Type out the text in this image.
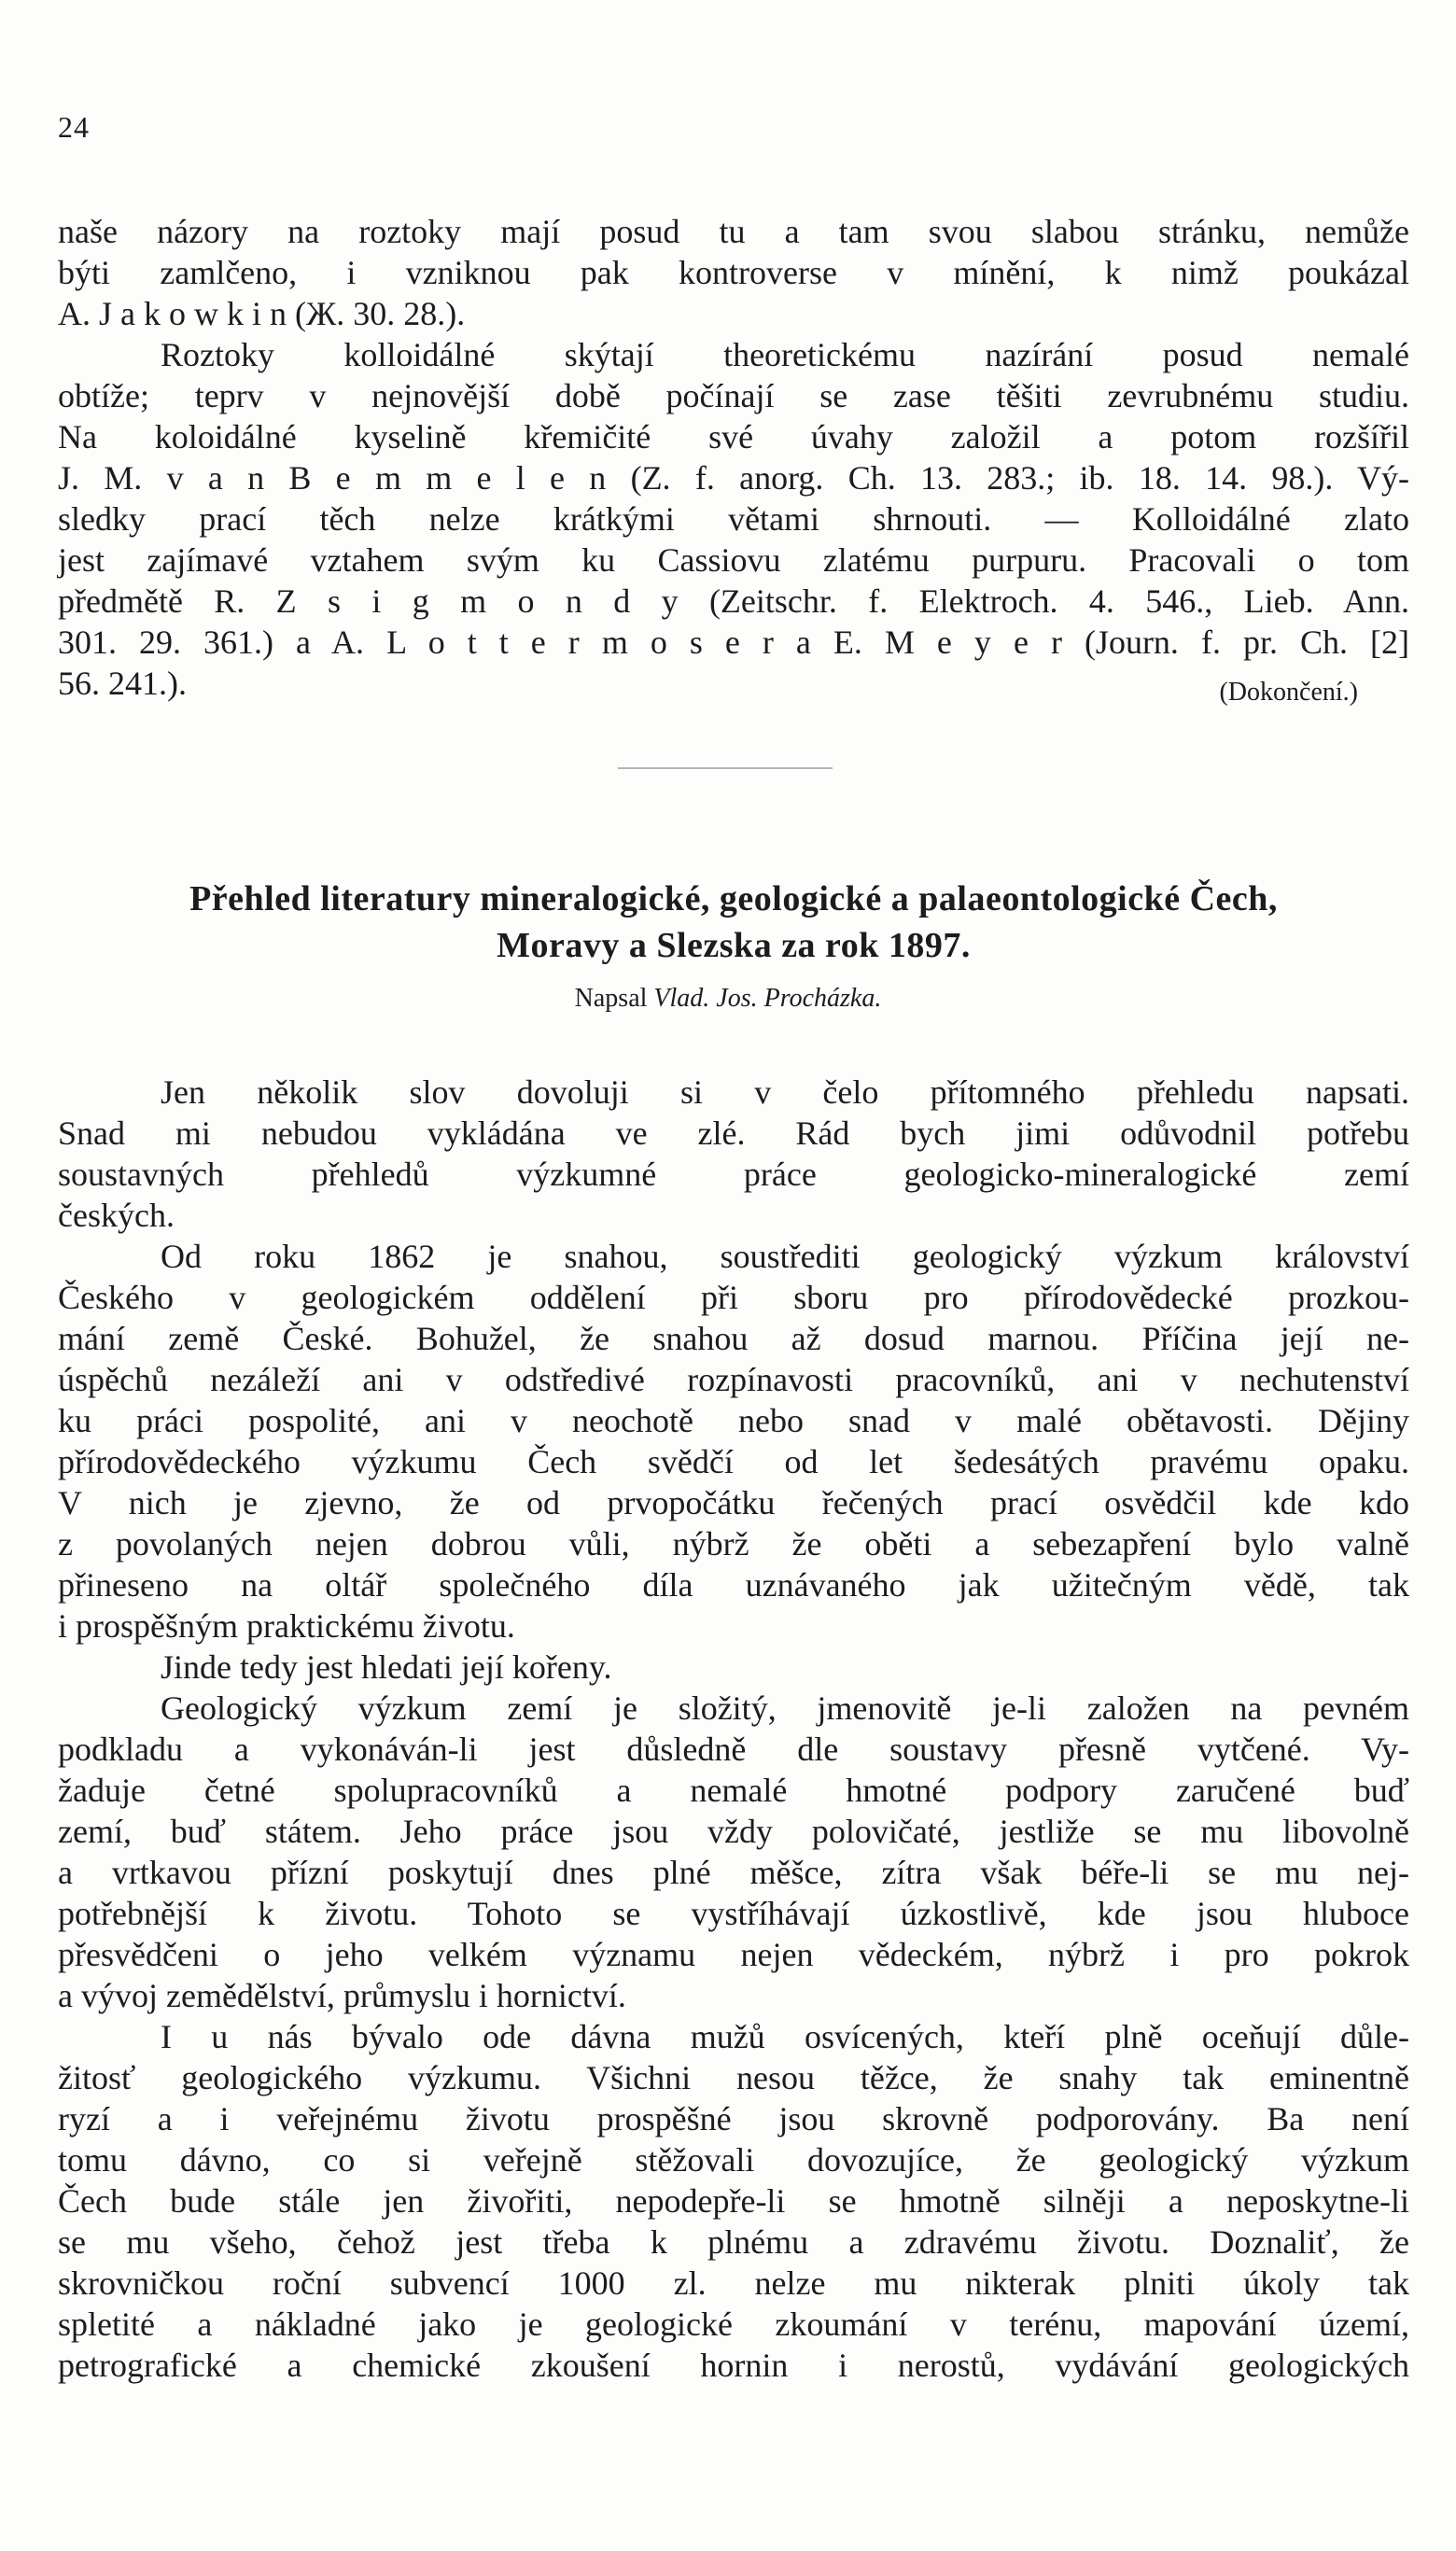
24
naše názory na roztoky mají posud tu a tam svou slabou stránku, nemůže
býti zamlčeno, i vzniknou pak kontroverse v mínění, k nimž poukázal
A. J a k o w k i n (Ж. 30. 28.).
Roztoky kolloidálné skýtají theoretickému nazírání posud nemalé
obtíže; teprv v nejnovější době počínají se zase těšiti zevrubnému studiu.
Na koloidálné kyselině křemičité své úvahy založil a potom rozšířil
J. M. v a n B e m m e l e n (Z. f. anorg. Ch. 13. 283.; ib. 18. 14. 98.). Vý-
sledky prací těch nelze krátkými větami shrnouti. — Kolloidálné zlato
jest zajímavé vztahem svým ku Cassiovu zlatému purpuru. Pracovali o tom
předmětě R. Z s i g m o n d y (Zeitschr. f. Elektroch. 4. 546., Lieb. Ann.
301. 29. 361.) a A. L o t t e r m o s e r a E. M e y e r (Journ. f. pr. Ch. [2]
56. 241.).	(Dokončení.)
Přehled literatury mineralogické, geologické a palaeontologické Čech,
Moravy a Slezska za rok 1897.
Napsal Vlad. Jos. Procházka.
Jen několik slov dovoluji si v čelo přítomného přehledu napsati.
Snad mi nebudou vykládána ve zlé. Rád bych jimi odůvodnil potřebu
soustavných přehledů výzkumné práce geologicko-mineralogické zemí
českých.
Od roku 1862 je snahou, soustřediti geologický výzkum království
Českého v geologickém oddělení při sboru pro přírodovědecké prozkou-
mání země České. Bohužel, že snahou až dosud marnou. Příčina její ne-
úspěchů nezáleží ani v odstředivé rozpínavosti pracovníků, ani v nechutenství
ku práci pospolité, ani v neochotě nebo snad v malé obětavosti. Dějiny
přírodovědeckého výzkumu Čech svědčí od let šedesátých pravému opaku.
V nich je zjevno, že od prvopočátku řečených prací osvědčil kde kdo
z povolaných nejen dobrou vůli, nýbrž že oběti a sebezapření bylo valně
přineseno na oltář společného díla uznávaného jak užitečným vědě, tak
i prospěšným praktickému životu.
Jinde tedy jest hledati její kořeny.
Geologický výzkum zemí je složitý, jmenovitě je-li založen na pevném
podkladu a vykonáván-li jest důsledně dle soustavy přesně vytčené. Vy-
žaduje četné spolupracovníků a nemalé hmotné podpory zaručené buď
zemí, buď státem. Jeho práce jsou vždy polovičaté, jestliže se mu libovolně
a vrtkavou přízní poskytují dnes plné měšce, zítra však béře-li se mu nej-
potřebnější k životu. Tohoto se vystříhávají úzkostlivě, kde jsou hluboce
přesvědčeni o jeho velkém významu nejen vědeckém, nýbrž i pro pokrok
a vývoj zemědělství, průmyslu i hornictví.
I u nás bývalo ode dávna mužů osvícených, kteří plně oceňují důle-
žitosť geologického výzkumu. Všichni nesou těžce, že snahy tak eminentně
ryzí a i veřejnému životu prospěšné jsou skrovně podporovány. Ba není
tomu dávno, co si veřejně stěžovali dovozujíce, že geologický výzkum
Čech bude stále jen živořiti, nepodepře-li se hmotně silněji a neposkytne-li
se mu všeho, čehož jest třeba k plnému a zdravému životu. Doznaliť, že
skrovničkou roční subvencí 1000 zl. nelze mu nikterak plniti úkoly tak
spletité a nákladné jako je geologické zkoumání v terénu, mapování území,
petrografické a chemické zkoušení hornin i nerostů, vydávání geologických
